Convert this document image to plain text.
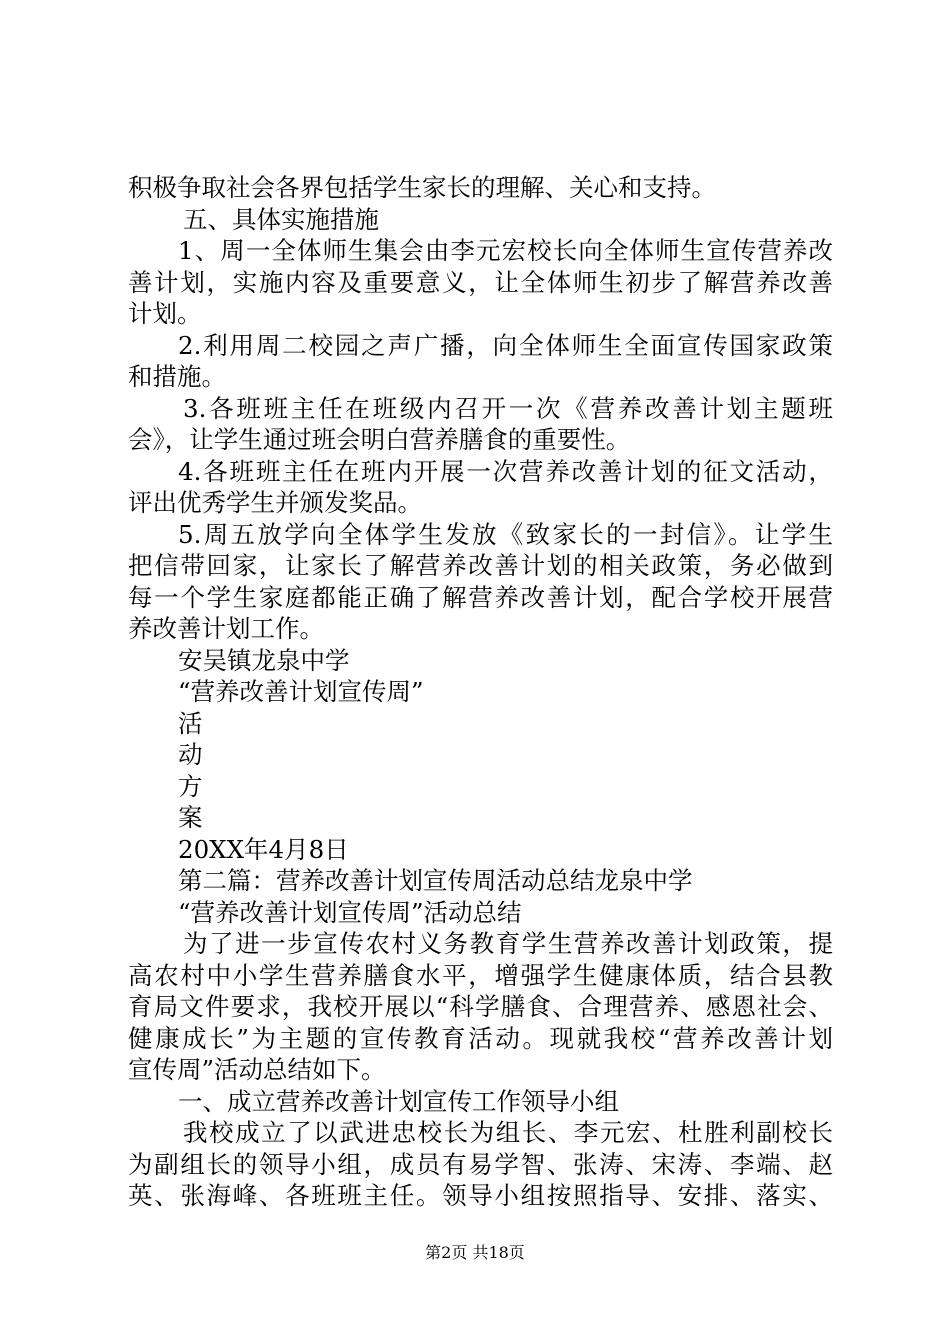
积极争取社会各界包括学生家长的理解、关心和支持。
五、具体实施措施
1、周一全体师生集会由李元宏校长向全体师生宣传营养改
善计划，实施内容及重要意义，让全体师生初步了解营养改善
计划。
2.利用周二校园之声广播，向全体师生全面宣传国家政策
和措施。
3.各班班主任在班级内召开一次《营养改善计划主题班
会》，让学生通过班会明白营养膳食的重要性。
4.各班班主任在班内开展一次营养改善计划的征文活动，
评出优秀学生并颁发奖品。
5.周五放学向全体学生发放《致家长的一封信》。让学生
把信带回家，让家长了解营养改善计划的相关政策，务必做到
每一个学生家庭都能正确了解营养改善计划，配合学校开展营
养改善计划工作。
安吴镇龙泉中学
“营养改善计划宣传周”
活
动
方
案
20XX年4月8日
第二篇：营养改善计划宣传周活动总结龙泉中学
“营养改善计划宣传周”活动总结
为了进一步宣传农村义务教育学生营养改善计划政策，提
高农村中小学生营养膳食水平，增强学生健康体质，结合县教
育局文件要求，我校开展以“科学膳食、合理营养、感恩社会、
健康成长”为主题的宣传教育活动。现就我校“营养改善计划
宣传周”活动总结如下。
一、成立营养改善计划宣传工作领导小组
我校成立了以武进忠校长为组长、李元宏、杜胜利副校长
为副组长的领导小组，成员有易学智、张涛、宋涛、李端、赵
英、张海峰、各班班主任。领导小组按照指导、安排、落实、
第2页 共18页
